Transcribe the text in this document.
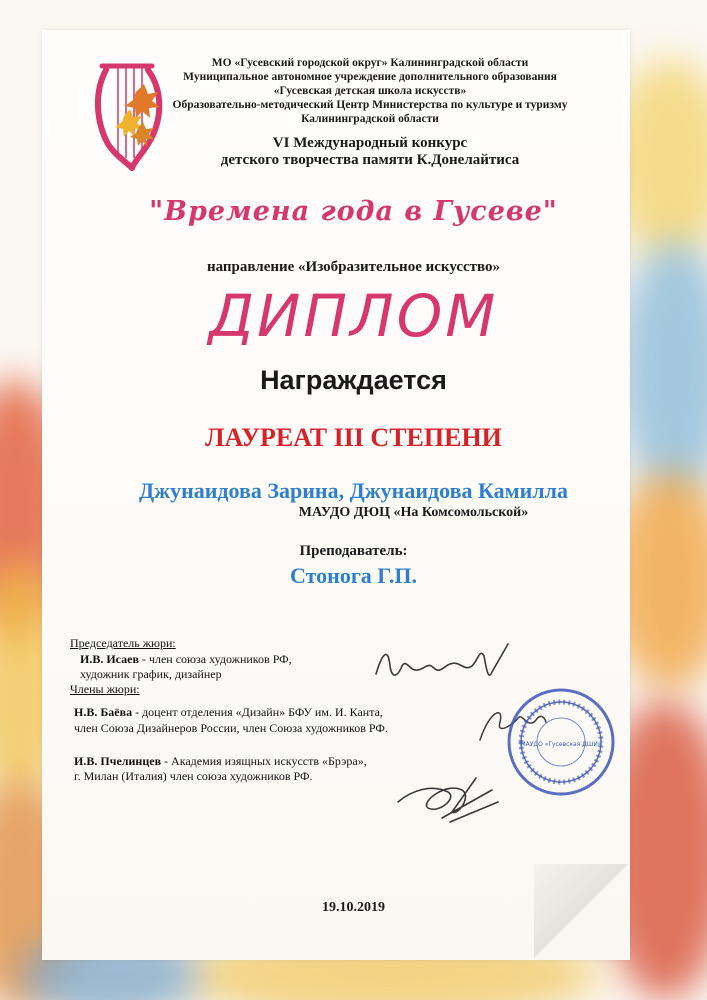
МО «Гусевский городской округ» Калининградской области
Муниципальное автономное учреждение дополнительного образования
«Гусевская детская школа искусств»
Образовательно-методический Центр Министерства по культуре и туризму
Калининградской области
VI Международный конкурс
детского творчества памяти К.Донелайтиса
"Времена года в Гусеве"
направление «Изобразительное искусство»
ДИПЛОМ
Награждается
ЛАУРЕАТ III СТЕПЕНИ
Джунаидова Зарина, Джунаидова Камилла
МАУДО ДЮЦ «На Комсомольской»
Преподаватель:
Стонога Г.П.
Председатель жюри:
И.В. Исаев - член союза художников РФ,
художник график, дизайнер
Члены жюри:
Н.В. Баёва - доцент отделения «Дизайн» БФУ им. И. Канта,
член Союза Дизайнеров России, член Союза художников РФ.
И.В. Пчелинцев - Академия изящных искусств «Брэра»,
г. Милан (Италия) член союза художников РФ.
МАУДО «Гусевская ДШИ»
19.10.2019
